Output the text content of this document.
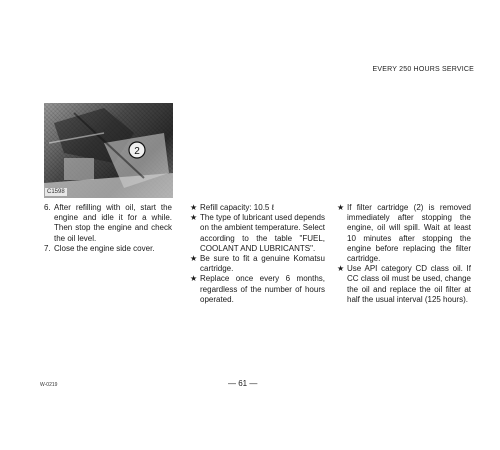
EVERY 250 HOURS SERVICE
2
C1598

6. After refilling with oil, start the engine and idle it for a while. Then stop the engine and check the oil level.

7. Close the engine side cover.

★ Refill capacity: 10.5 ℓ

★ The type of lubricant used depends on the ambient temperature. Select according to the table "FUEL, COOLANT AND LUBRICANTS".

★ Be sure to fit a genuine Komatsu cartridge.

★ Replace once every 6 months, regardless of the number of hours operated.

★ If filter cartridge (2) is removed immediately after stopping the engine, oil will spill. Wait at least 10 minutes after stopping the engine before replacing the filter cartridge.

★ Use API category CD class oil. If CC class oil must be used, change the oil and replace the oil filter at half the usual interval (125 hours).

W-0219	— 61 —
